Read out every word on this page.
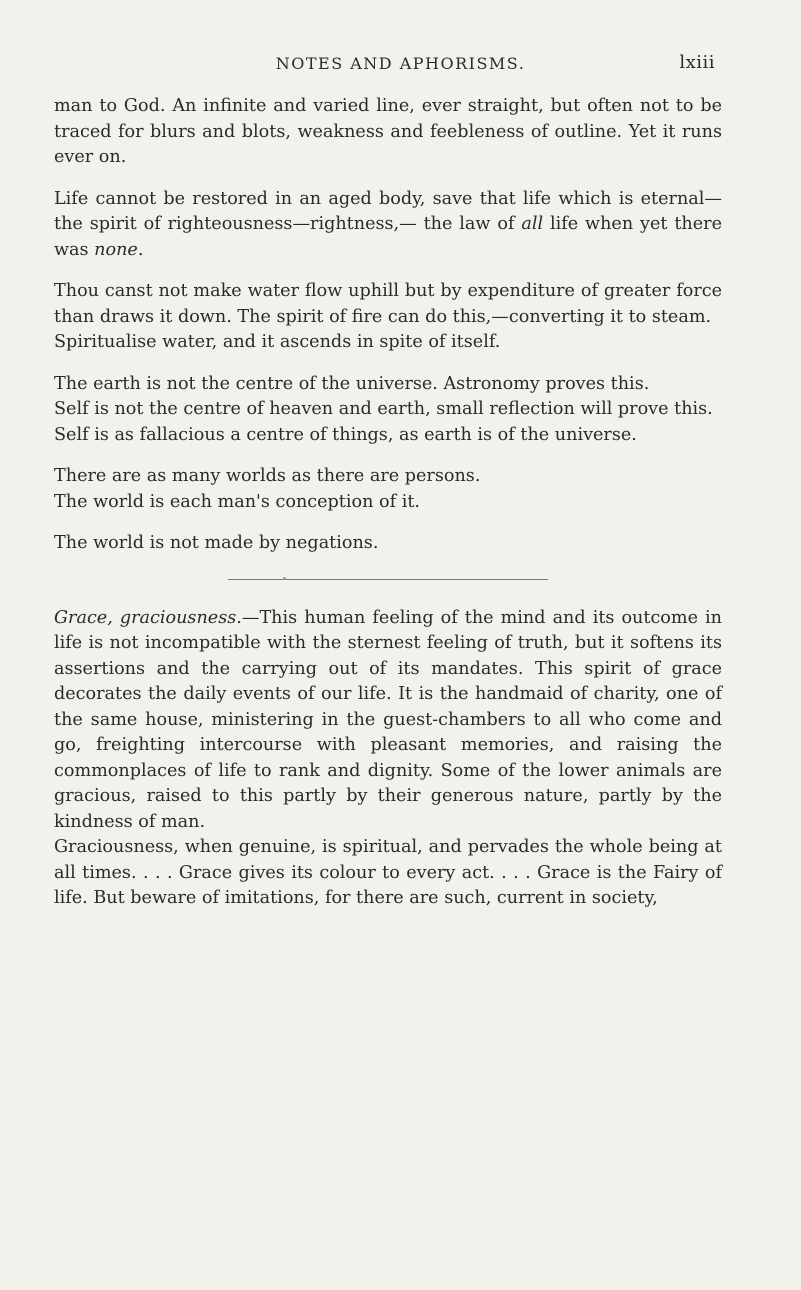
NOTES AND APHORISMS.	lxiii

man to God. An infinite and varied line, ever straight, but often not to be traced for blurs and blots, weakness and feebleness of outline. Yet it runs ever on.

Life cannot be restored in an aged body, save that life which is eternal—the spirit of righteousness—rightness,— the law of all life when yet there was none.

Thou canst not make water flow uphill but by expenditure of greater force than draws it down. The spirit of fire can do this,—converting it to steam.

Spiritualise water, and it ascends in spite of itself.

The earth is not the centre of the universe. Astronomy proves this.

Self is not the centre of heaven and earth, small reflection will prove this.

Self is as fallacious a centre of things, as earth is of the universe.

There are as many worlds as there are persons.

The world is each man's conception of it.

The world is not made by negations.

Grace, graciousness.—This human feeling of the mind and its outcome in life is not incompatible with the sternest feeling of truth, but it softens its assertions and the carrying out of its mandates. This spirit of grace decorates the daily events of our life. It is the handmaid of charity, one of the same house, ministering in the guest-chambers to all who come and go, freighting intercourse with pleasant memories, and raising the commonplaces of life to rank and dignity. Some of the lower animals are gracious, raised to this partly by their generous nature, partly by the kindness of man.

Graciousness, when genuine, is spiritual, and pervades the whole being at all times. . . . Grace gives its colour to every act. . . . Grace is the Fairy of life. But beware of imitations, for there are such, current in society,
